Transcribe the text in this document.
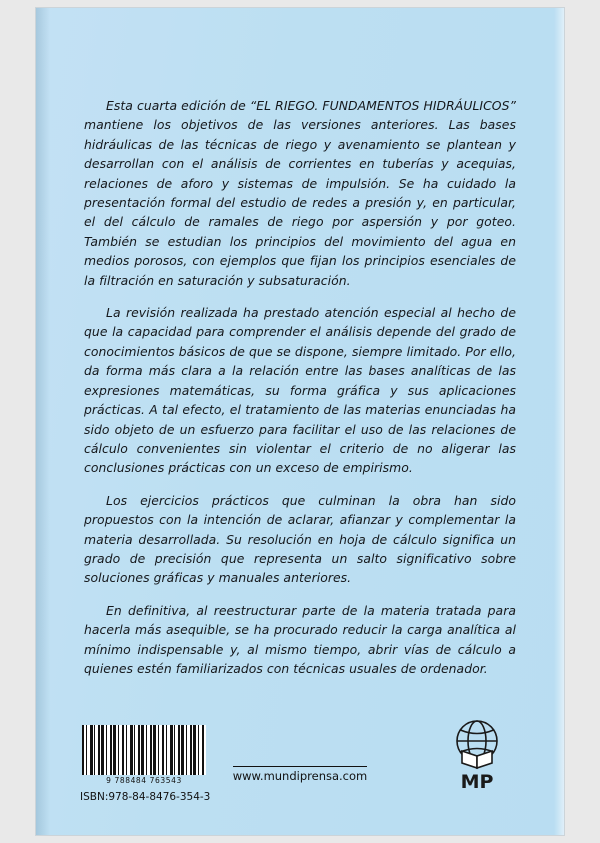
Esta cuarta edición de “EL RIEGO. FUNDAMENTOS HIDRÁULICOS” mantiene los objetivos de las versiones anteriores. Las bases hidráulicas de las técnicas de riego y avenamiento se plantean y desarrollan con el análisis de corrientes en tuberías y acequias, relaciones de aforo y sistemas de impulsión. Se ha cuidado la presentación formal del estudio de redes a presión y, en particular, el del cálculo de ramales de riego por aspersión y por goteo. También se estudian los principios del movimiento del agua en medios porosos, con ejemplos que fijan los principios esenciales de la filtración en saturación y subsaturación.

La revisión realizada ha prestado atención especial al hecho de que la capacidad para comprender el análisis depende del grado de conocimientos básicos de que se dispone, siempre limitado. Por ello, da forma más clara a la relación entre las bases analíticas de las expresiones matemáticas, su forma gráfica y sus aplicaciones prácticas. A tal efecto, el tratamiento de las materias enunciadas ha sido objeto de un esfuerzo para facilitar el uso de las relaciones de cálculo convenientes sin violentar el criterio de no aligerar las conclusiones prácticas con un exceso de empirismo.

Los ejercicios prácticos que culminan la obra han sido propuestos con la intención de aclarar, afianzar y complementar la materia desarrollada. Su resolución en hoja de cálculo significa un grado de precisión que representa un salto significativo sobre soluciones gráficas y manuales anteriores.

En definitiva, al reestructurar parte de la materia tratada para hacerla más asequible, se ha procurado reducir la carga analítica al mínimo indispensable y, al mismo tiempo, abrir vías de cálculo a quienes estén familiarizados con técnicas usuales de ordenador.

9 788484 763543
ISBN:978-84-8476-354-3
www.mundiprensa.com	MP
